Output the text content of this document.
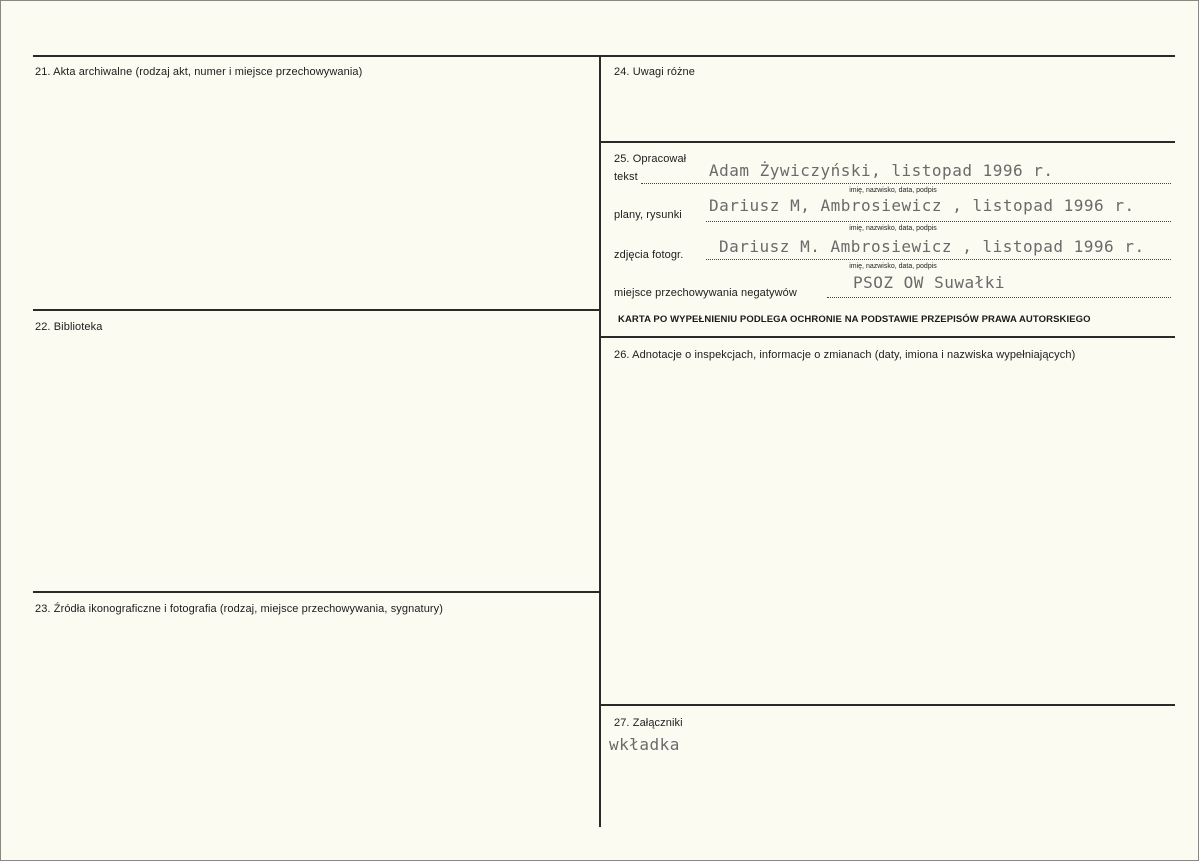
21. Akta archiwalne (rodzaj akt, numer i miejsce przechowywania)
22. Biblioteka
23. Źródła ikonograficzne i fotografia (rodzaj, miejsce przechowywania, sygnatury)
24. Uwagi różne
26. Adnotacje o inspekcjach, informacje o zmianach (daty, imiona i nazwiska wypełniających)
27. Załączniki
25. Opracował
tekst	Adam Żywiczyński, listopad 1996 r.
imię, nazwisko, data, podpis
plany, rysunki Dariusz M, Ambrosiewicz , listopad 1996 r.
imię, nazwisko, data, podpis
zdjęcia fotogr. Dariusz M. Ambrosiewicz , listopad 1996 r.
imię, nazwisko, data, podpis
miejsce przechowywania negatywów
PSOZ OW Suwałki
KARTA PO WYPEŁNIENIU PODLEGA OCHRONIE NA PODSTAWIE PRZEPISÓW PRAWA AUTORSKIEGO
wkładka
